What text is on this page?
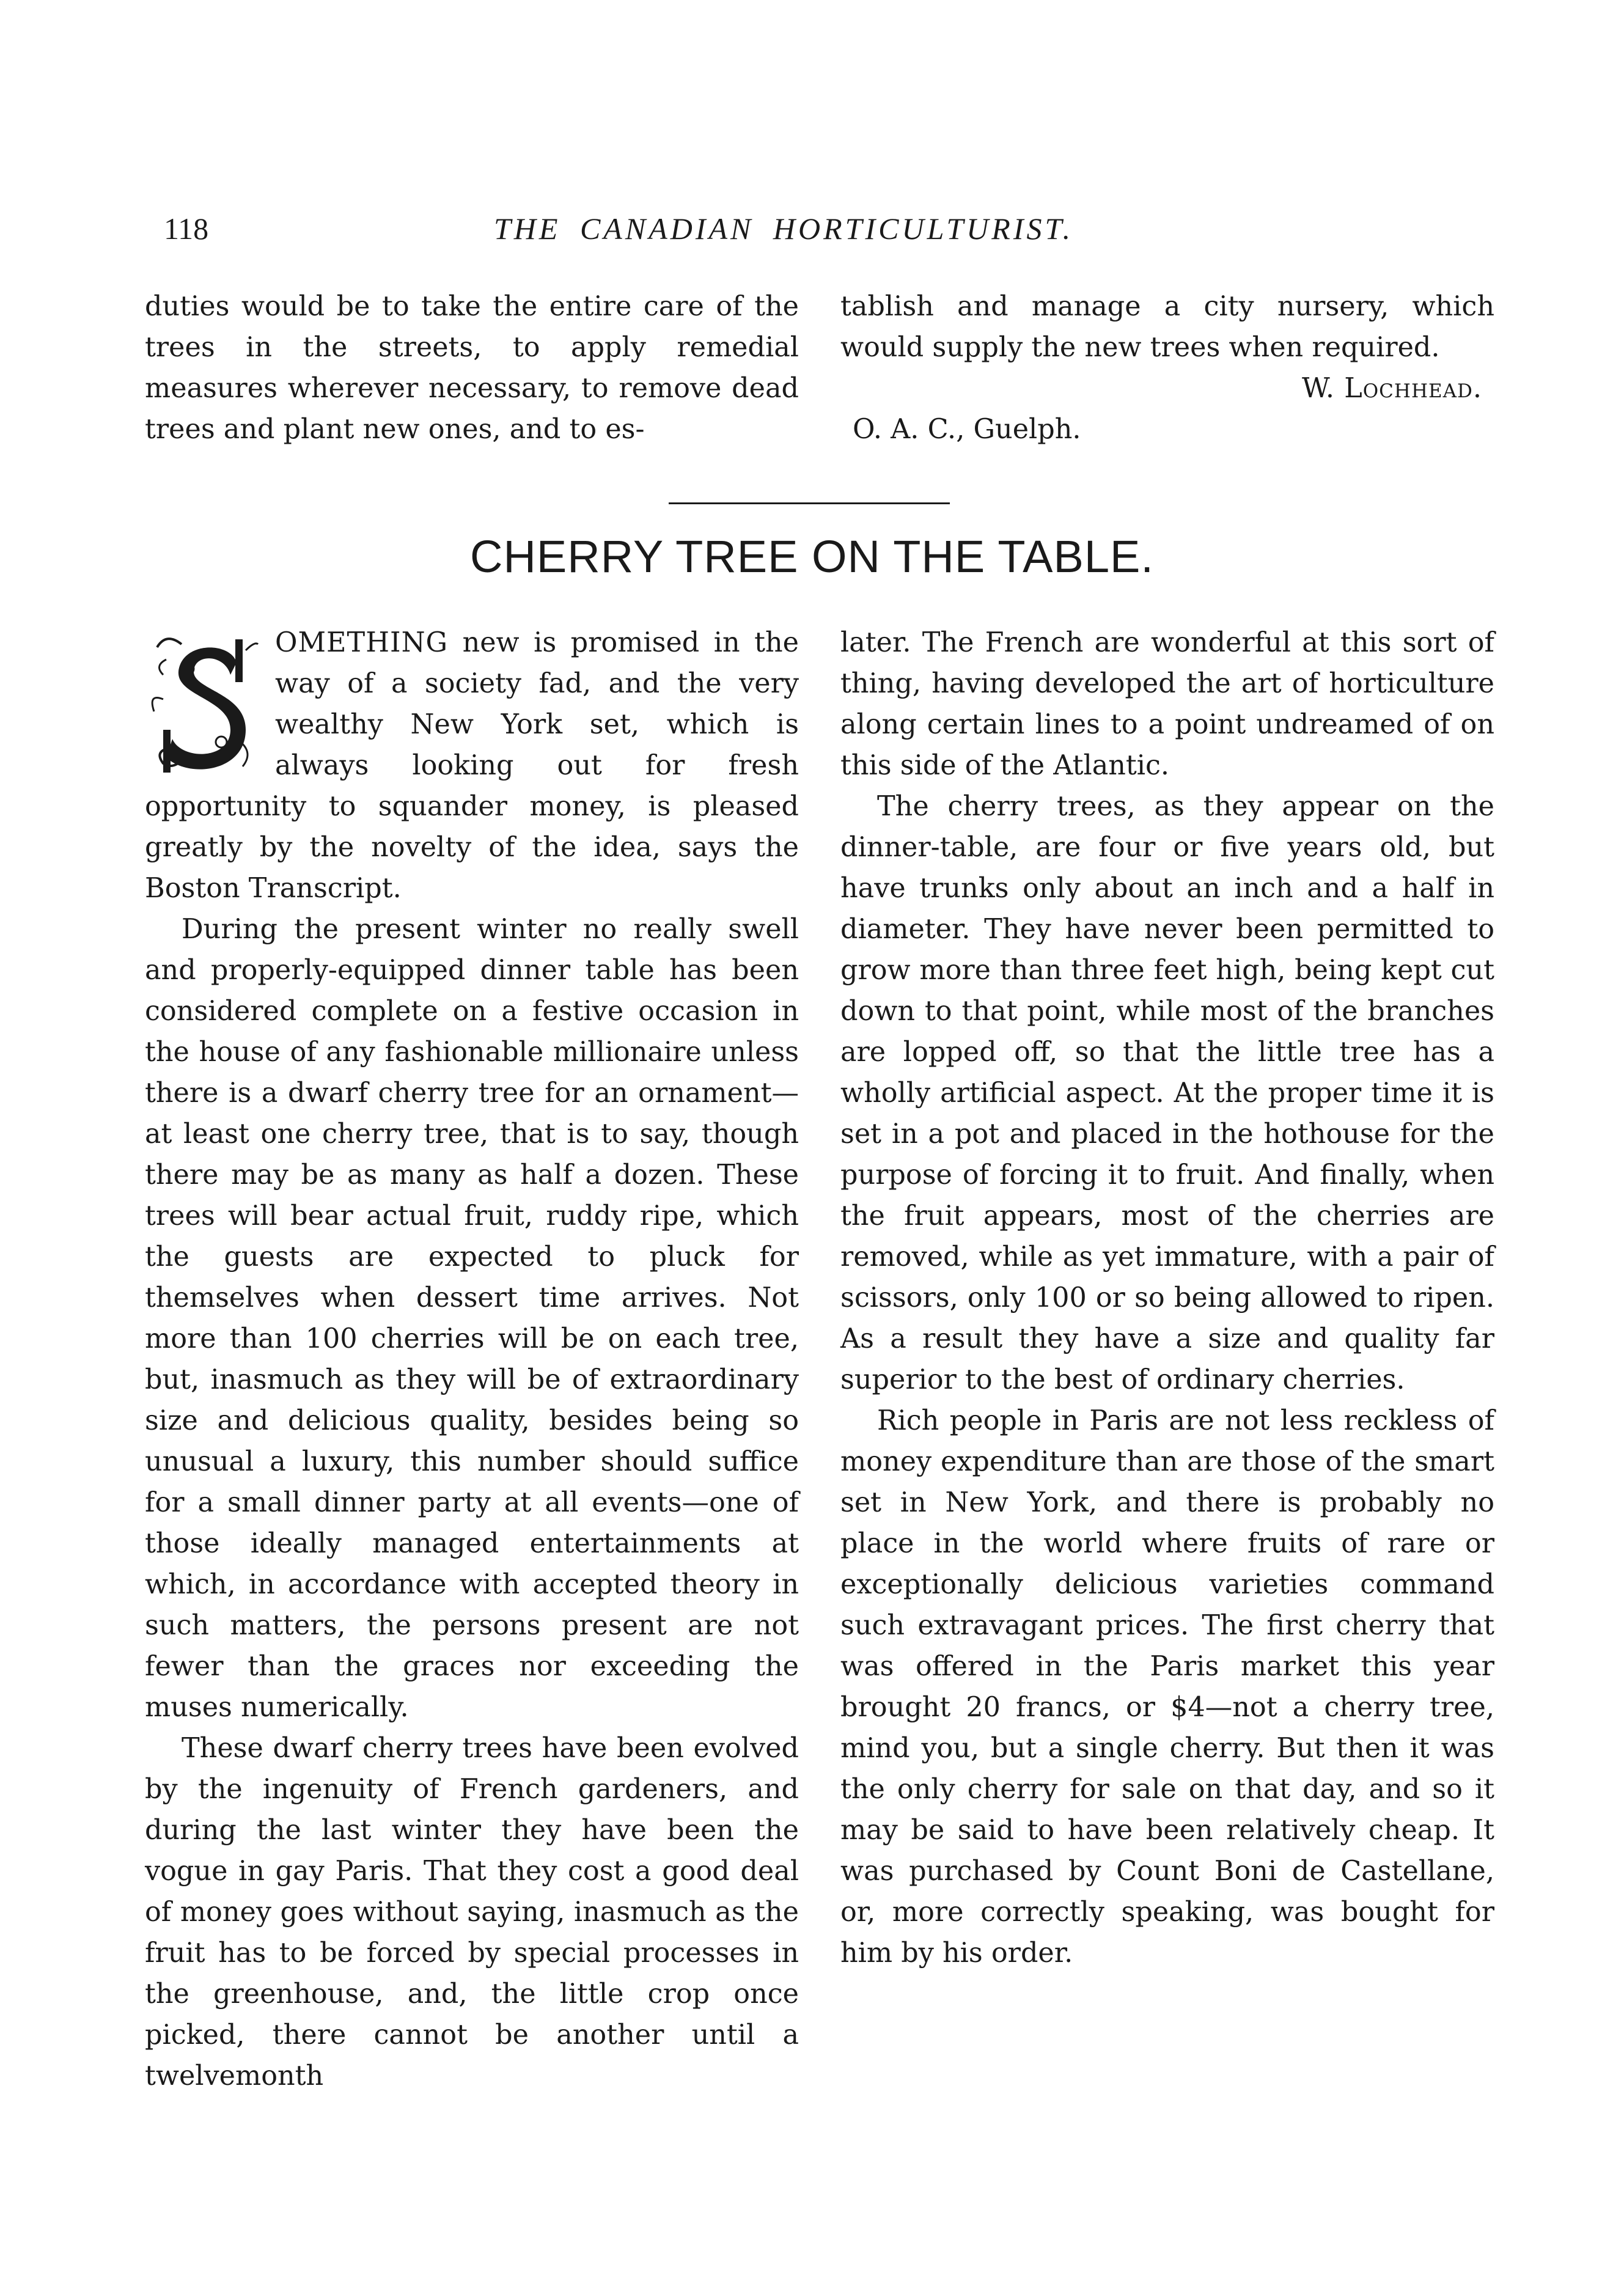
118	THE CANADIAN HORTICULTURIST.

duties would be to take the entire care of the trees in the streets, to apply remedial measures wherever necessary, to remove dead trees and plant new ones, and to es-

tablish and manage a city nursery, which would supply the new trees when required.

W. Lochhead.

O. A. C., Guelph.

CHERRY TREE ON THE TABLE.

OMETHING new is promised in the way of a society fad, and the very wealthy New York set, which is always looking out for fresh opportunity to squander money, is pleased greatly by the novelty of the idea, says the Boston Transcript.

During the present winter no really swell and properly-equipped dinner table has been considered complete on a festive occasion in the house of any fashionable millionaire unless there is a dwarf cherry tree for an ornament—at least one cherry tree, that is to say, though there may be as many as half a dozen. These trees will bear actual fruit, ruddy ripe, which the guests are expected to pluck for themselves when dessert time arrives. Not more than 100 cherries will be on each tree, but, inasmuch as they will be of extraordinary size and delicious quality, besides being so unusual a luxury, this number should suffice for a small dinner party at all events—one of those ideally managed entertainments at which, in accordance with accepted theory in such matters, the persons present are not fewer than the graces nor exceeding the muses numerically.

These dwarf cherry trees have been evolved by the ingenuity of French gardeners, and during the last winter they have been the vogue in gay Paris. That they cost a good deal of money goes without saying, inasmuch as the fruit has to be forced by special processes in the greenhouse, and, the little crop once picked, there cannot be another until a twelvemonth

later. The French are wonderful at this sort of thing, having developed the art of horticulture along certain lines to a point undreamed of on this side of the Atlantic.

The cherry trees, as they appear on the dinner-table, are four or five years old, but have trunks only about an inch and a half in diameter. They have never been permitted to grow more than three feet high, being kept cut down to that point, while most of the branches are lopped off, so that the little tree has a wholly artificial aspect. At the proper time it is set in a pot and placed in the hothouse for the purpose of forcing it to fruit. And finally, when the fruit appears, most of the cherries are removed, while as yet immature, with a pair of scissors, only 100 or so being allowed to ripen. As a result they have a size and quality far superior to the best of ordinary cherries.

Rich people in Paris are not less reckless of money expenditure than are those of the smart set in New York, and there is probably no place in the world where fruits of rare or exceptionally delicious varieties command such extravagant prices. The first cherry that was offered in the Paris market this year brought 20 francs, or $4—not a cherry tree, mind you, but a single cherry. But then it was the only cherry for sale on that day, and so it may be said to have been relatively cheap. It was purchased by Count Boni de Castellane, or, more correctly speaking, was bought for him by his order.
